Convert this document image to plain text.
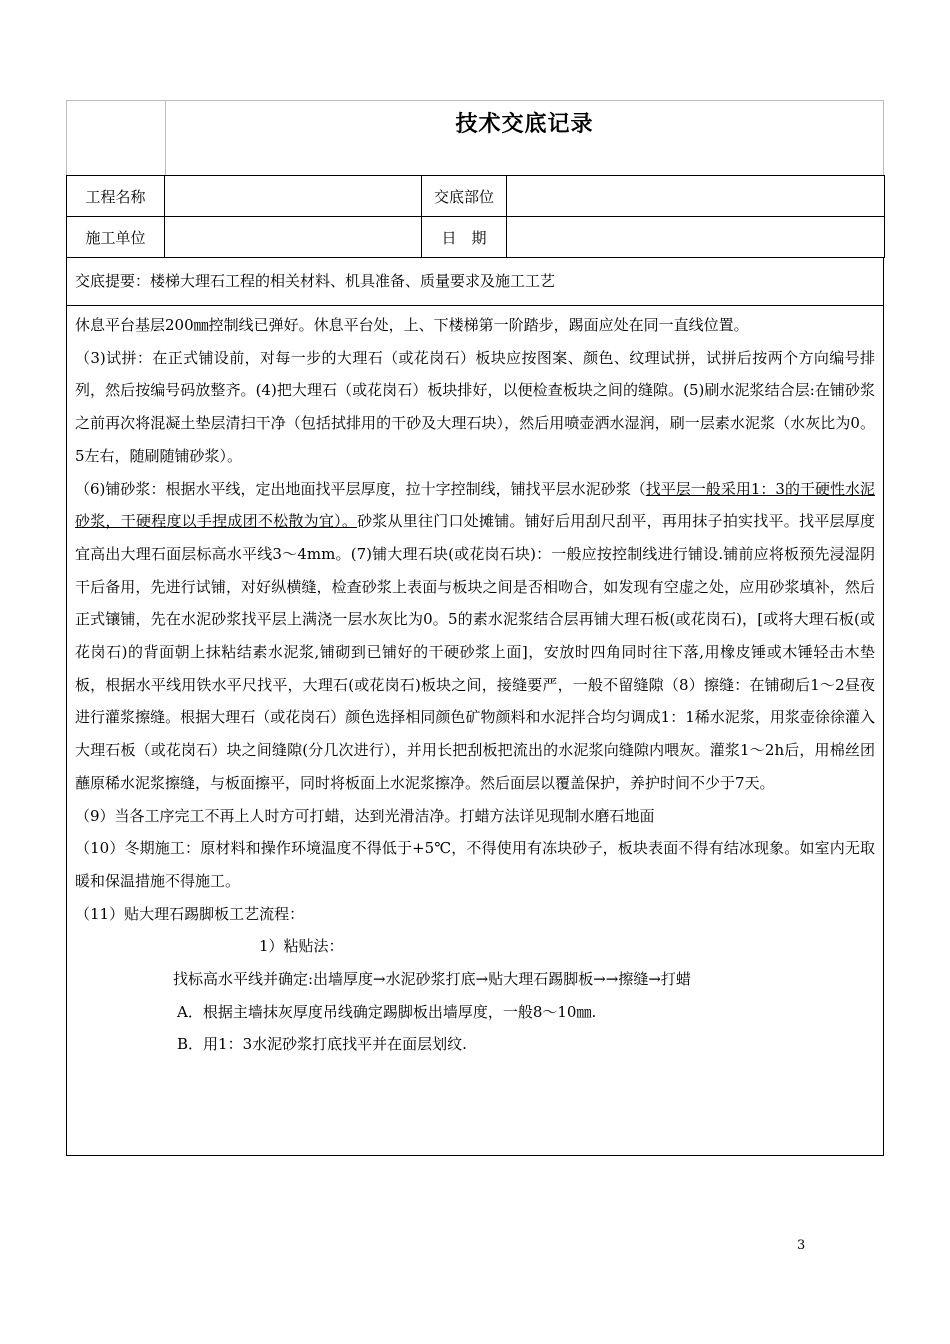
技术交底记录
工程名称		交底部位	
施工单位		日　期	
交底提要：楼梯大理石工程的相关材料、机具准备、质量要求及施工工艺

休息平台基层200㎜控制线已弹好。休息平台处，上、下楼梯第一阶踏步，踢面应处在同一直线位置。

（3)试拼：在正式铺设前，对每一步的大理石（或花岗石）板块应按图案、颜色、纹理试拼，试拼后按两个方向编号排列，然后按编号码放整齐。(4)把大理石（或花岗石）板块排好，以便检查板块之间的缝隙。(5)刷水泥浆结合层:在铺砂浆之前再次将混凝土垫层清扫干净（包括拭排用的干砂及大理石块），然后用喷壶洒水湿润，刷一层素水泥浆（水灰比为0。5左右，随刷随铺砂浆）。

（6)铺砂浆：根据水平线，定出地面找平层厚度，拉十字控制线，铺找平层水泥砂浆（找平层一般采用1：3的干硬性水泥砂浆，干硬程度以手捏成团不松散为宜）。砂浆从里往门口处摊铺。铺好后用刮尺刮平，再用抹子拍实找平。找平层厚度宜高出大理石面层标高水平线3～4mm。(7)铺大理石块(或花岗石块)：一般应按控制线进行铺设.铺前应将板预先浸湿阴干后备用，先进行试铺，对好纵横缝，检查砂浆上表面与板块之间是否相吻合，如发现有空虚之处，应用砂浆填补，然后正式镶铺，先在水泥砂浆找平层上满浇一层水灰比为0。5的素水泥浆结合层再铺大理石板(或花岗石)，[或将大理石板(或花岗石)的背面朝上抹粘结素水泥浆,铺砌到已铺好的干硬砂浆上面]，安放时四角同时往下落,用橡皮锤或木锤轻击木垫板，根据水平线用铁水平尺找平，大理石(或花岗石)板块之间，接缝要严，一般不留缝隙（8）擦缝：在铺砌后1～2昼夜进行灌浆擦缝。根据大理石（或花岗石）颜色选择相同颜色矿物颜料和水泥拌合均匀调成1：1稀水泥浆，用浆壶徐徐灌入大理石板（或花岗石）块之间缝隙(分几次进行），并用长把刮板把流出的水泥浆向缝隙内喂灰。灌浆1～2h后，用棉丝团蘸原稀水泥浆擦缝，与板面擦平，同时将板面上水泥浆擦净。然后面层以覆盖保护，养护时间不少于7天。

（9）当各工序完工不再上人时方可打蜡，达到光滑洁净。打蜡方法详见现制水磨石地面

（10）冬期施工：原材料和操作环境温度不得低于+5℃，不得使用有冻块砂子，板块表面不得有结冰现象。如室内无取暖和保温措施不得施工。

（11）贴大理石踢脚板工艺流程：

1）粘贴法：

找标高水平线并确定:出墙厚度→水泥砂浆打底→贴大理石踢脚板→→擦缝→打蜡

A．根据主墙抹灰厚度吊线确定踢脚板出墙厚度，一般8～10㎜.

B．用1：3水泥砂浆打底找平并在面层划纹.

3
